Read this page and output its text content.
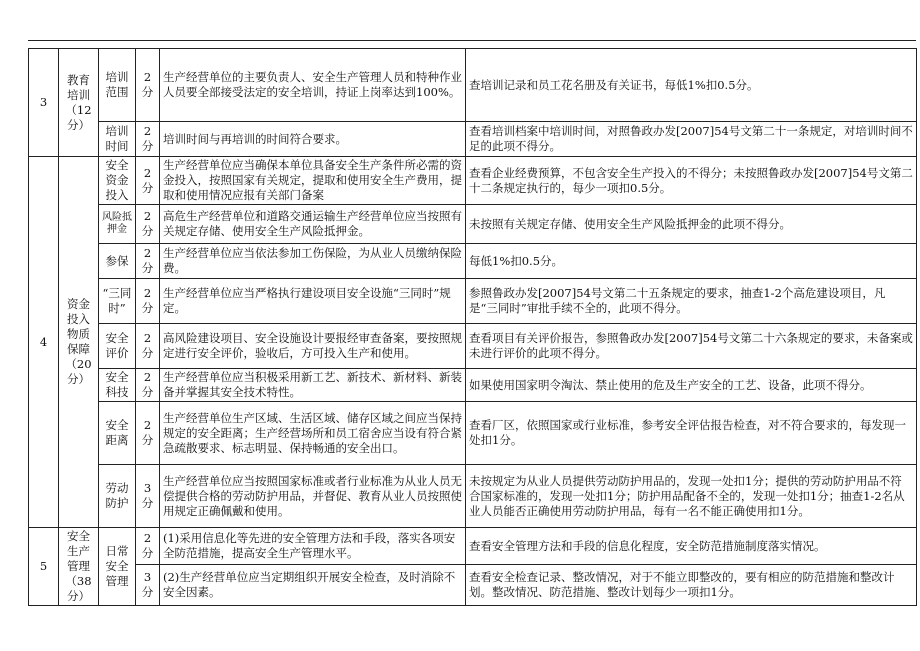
3	教育培训（12分）	培训范围	2分	生产经营单位的主要负责人、安全生产管理人员和特种作业人员要全部接受法定的安全培训，持证上岗率达到100%。	查培训记录和员工花名册及有关证书，每低1%扣0.5分。
		培训时间	2分	培训时间与再培训的时间符合要求。	查看培训档案中培训时间，对照鲁政办发[2007]54号文第二十一条规定，对培训时间不足的此项不得分。
4	资金投入物质保障（20分）	安全资金投入	2分	生产经营单位应当确保本单位具备安全生产条件所必需的资金投入，按照国家有关规定，提取和使用安全生产费用，提取和使用情况应报有关部门备案	查看企业经费预算，不包含安全生产投入的不得分；未按照鲁政办发[2007]54号文第二十二条规定执行的，每少一项扣0.5分。
		风险抵押金	2分	高危生产经营单位和道路交通运输生产经营单位应当按照有关规定存储、使用安全生产风险抵押金。	未按照有关规定存储、使用安全生产风险抵押金的此项不得分。
		参保	2分	生产经营单位应当依法参加工伤保险，为从业人员缴纳保险费。	每低1%扣0.5分。
		“三同时”	2分	生产经营单位应当严格执行建设项目安全设施“三同时”规定。	参照鲁政办发[2007]54号文第二十五条规定的要求，抽查1-2个高危建设项目，凡是“三同时”审批手续不全的，此项不得分。
		安全评价	2分	高风险建设项目、安全设施设计要报经审查备案，要按照规定进行安全评价，验收后，方可投入生产和使用。	查看项目有关评价报告，参照鲁政办发[2007]54号文第二十六条规定的要求，未备案或未进行评价的此项不得分。
		安全科技	2分	生产经营单位应当积极采用新工艺、新技术、新材料、新装备并掌握其安全技术特性。	如果使用国家明令淘汰、禁止使用的危及生产安全的工艺、设备，此项不得分。
		安全距离	2分	生产经营单位生产区域、生活区域、储存区域之间应当保持规定的安全距离；生产经营场所和员工宿舍应当设有符合紧急疏散要求、标志明显、保持畅通的安全出口。	查看厂区，依照国家或行业标准，参考安全评估报告检查，对不符合要求的，每发现一处扣1分。
		劳动防护	3分	生产经营单位应当按照国家标准或者行业标准为从业人员无偿提供合格的劳动防护用品，并督促、教育从业人员按照使用规定正确佩戴和使用。	未按规定为从业人员提供劳动防护用品的，发现一处扣1分；提供的劳动防护用品不符合国家标准的，发现一处扣1分；防护用品配备不全的，发现一处扣1分；抽查1-2名从业人员能否正确使用劳动防护用品，每有一名不能正确使用扣1分。
5	安全生产管理（38分）	日常安全管理	2分	(1)采用信息化等先进的安全管理方法和手段，落实各项安全防范措施，提高安全生产管理水平。	查看安全管理方法和手段的信息化程度，安全防范措施制度落实情况。
			3分	(2)生产经营单位应当定期组织开展安全检查，及时消除不安全因素。	查看安全检查记录、整改情况，对于不能立即整改的，要有相应的防范措施和整改计划。整改情况、防范措施、整改计划每少一项扣1分。
